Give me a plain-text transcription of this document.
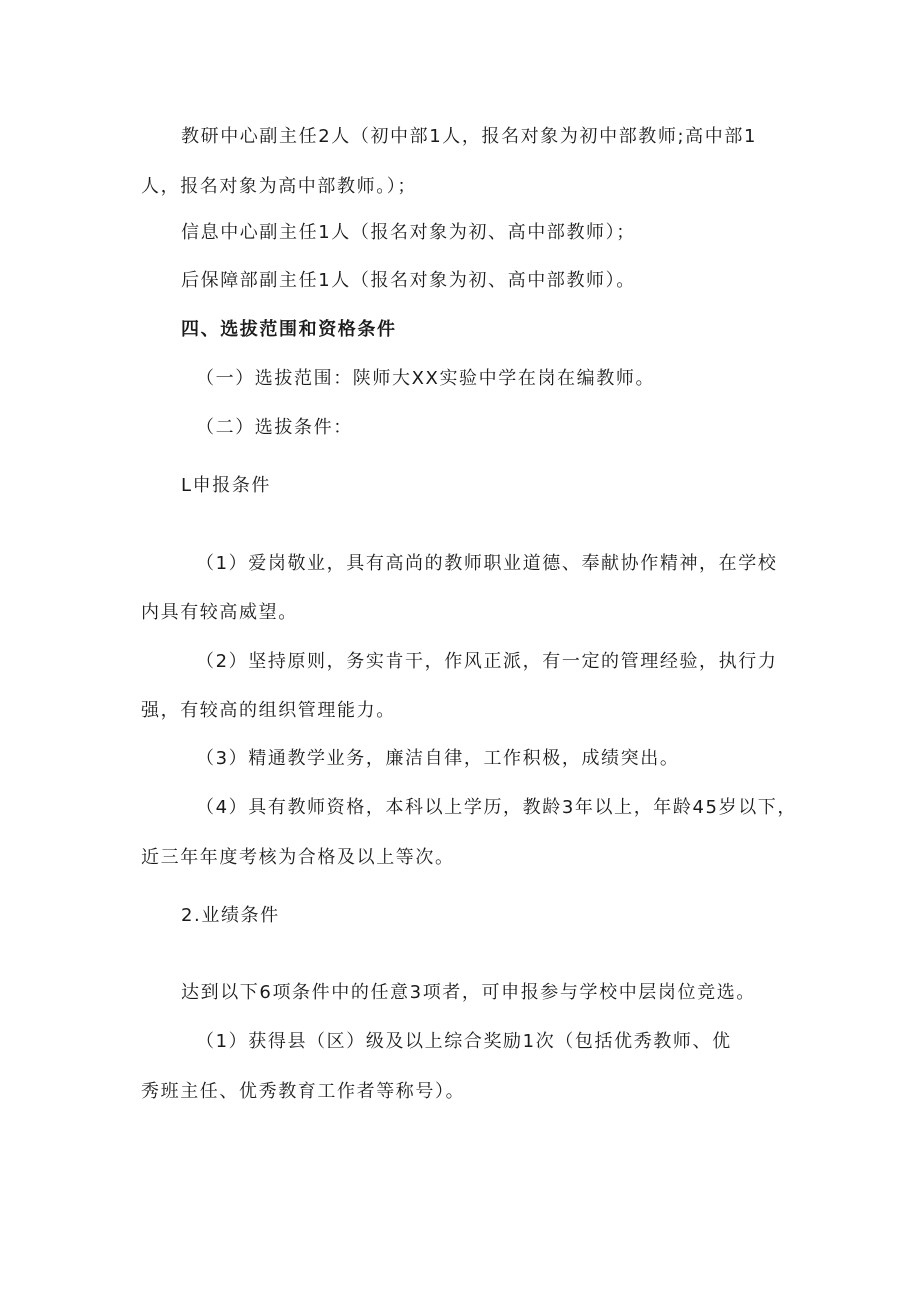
教研中心副主任2人（初中部1人，报名对象为初中部教师;高中部1
人，报名对象为高中部教师。）；
信息中心副主任1人（报名对象为初、高中部教师）；
后保障部副主任1人（报名对象为初、高中部教师）。
四、选拔范围和资格条件
（一）选拔范围：陕师大XX实验中学在岗在编教师。
（二）选拔条件：
L申报条件
（1）爱岗敬业，具有高尚的教师职业道德、奉献协作精神，在学校
内具有较高威望。
（2）坚持原则，务实肯干，作风正派，有一定的管理经验，执行力
强，有较高的组织管理能力。
（3）精通教学业务，廉洁自律，工作积极，成绩突出。
（4）具有教师资格，本科以上学历，教龄3年以上，年龄45岁以下，
近三年年度考核为合格及以上等次。
2.业绩条件
达到以下6项条件中的任意3项者，可申报参与学校中层岗位竞选。
（1）获得县（区）级及以上综合奖励1次（包括优秀教师、优
秀班主任、优秀教育工作者等称号）。
